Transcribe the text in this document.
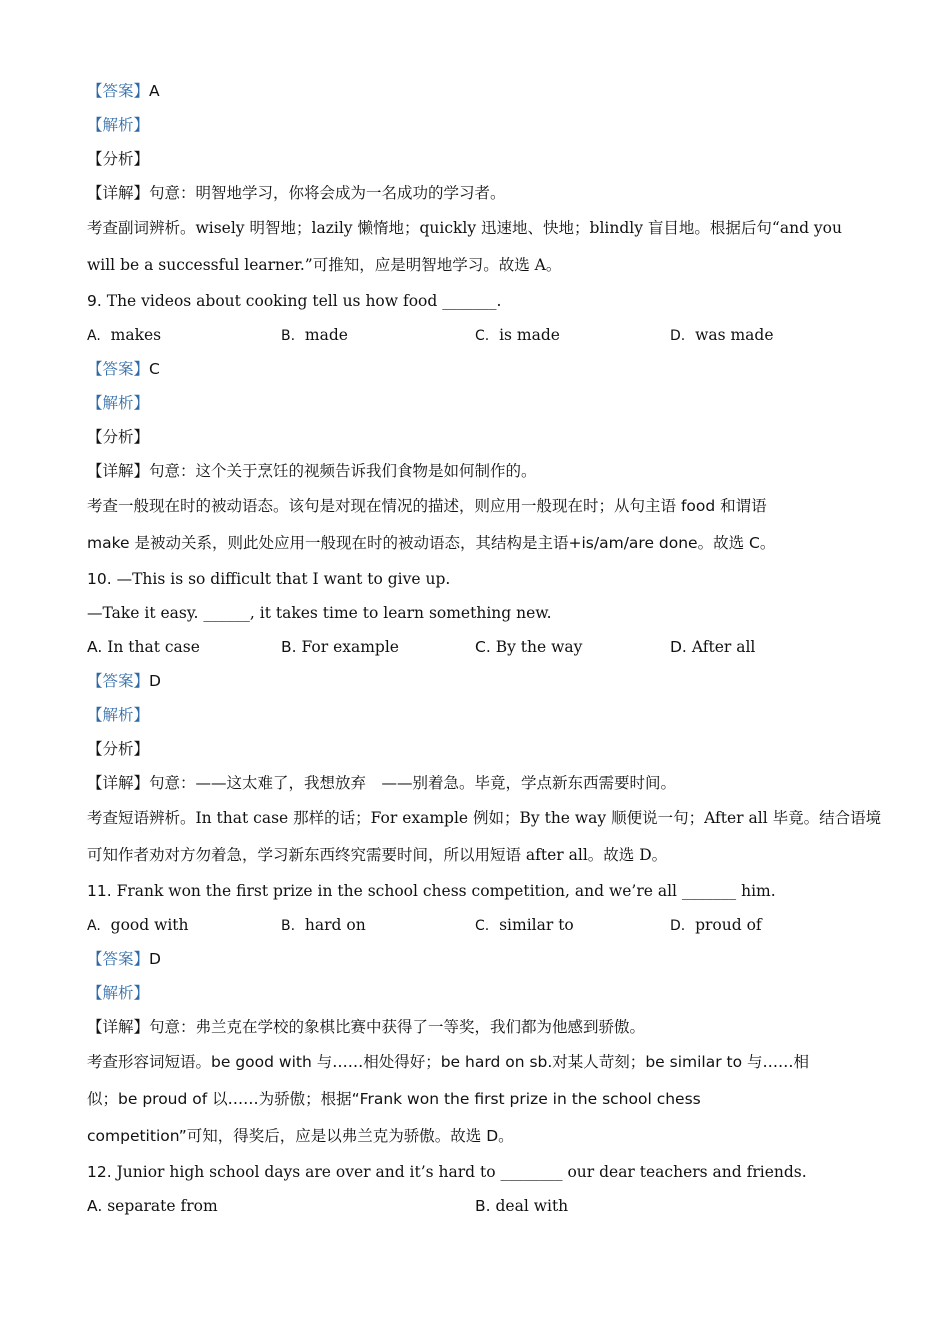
【答案】A
【解析】
【分析】
【详解】句意：明智地学习，你将会成为一名成功的学习者。
考查副词辨析。wisely 明智地；lazily 懒惰地；quickly 迅速地、快地；blindly 盲目地。根据后句“and you
will be a successful learner.”可推知，应是明智地学习。故选 A。
9. The videos about cooking tell us how food _______.
A. makes	B. made	C. is made	D. was made
【答案】C
【解析】
【分析】
【详解】句意：这个关于烹饪的视频告诉我们食物是如何制作的。
考查一般现在时的被动语态。该句是对现在情况的描述，则应用一般现在时；从句主语 food 和谓语
make 是被动关系，则此处应用一般现在时的被动语态，其结构是主语+is/am/are done。故选 C。
10. —This is so difficult that I want to give up.
—Take it easy. ______, it takes time to learn something new.
A. In that case	B. For example	C. By the way	D. After all
【答案】D
【解析】
【分析】
【详解】句意：——这太难了，我想放弃　——别着急。毕竟，学点新东西需要时间。
考查短语辨析。In that case 那样的话；For example 例如；By the way 顺便说一句；After all 毕竟。结合语境
可知作者劝对方勿着急，学习新东西终究需要时间，所以用短语 after all。故选 D。
11. Frank won the first prize in the school chess competition, and we’re all _______ him.
A. good with	B. hard on	C. similar to	D. proud of
【答案】D
【解析】
【详解】句意：弗兰克在学校的象棋比赛中获得了一等奖，我们都为他感到骄傲。
考查形容词短语。be good with 与……相处得好；be hard on sb.对某人苛刻；be similar to 与……相
似；be proud of 以……为骄傲；根据“Frank won the first prize in the school chess
competition”可知，得奖后，应是以弗兰克为骄傲。故选 D。
12. Junior high school days are over and it’s hard to ________ our dear teachers and friends.
A. separate from	B. deal with
